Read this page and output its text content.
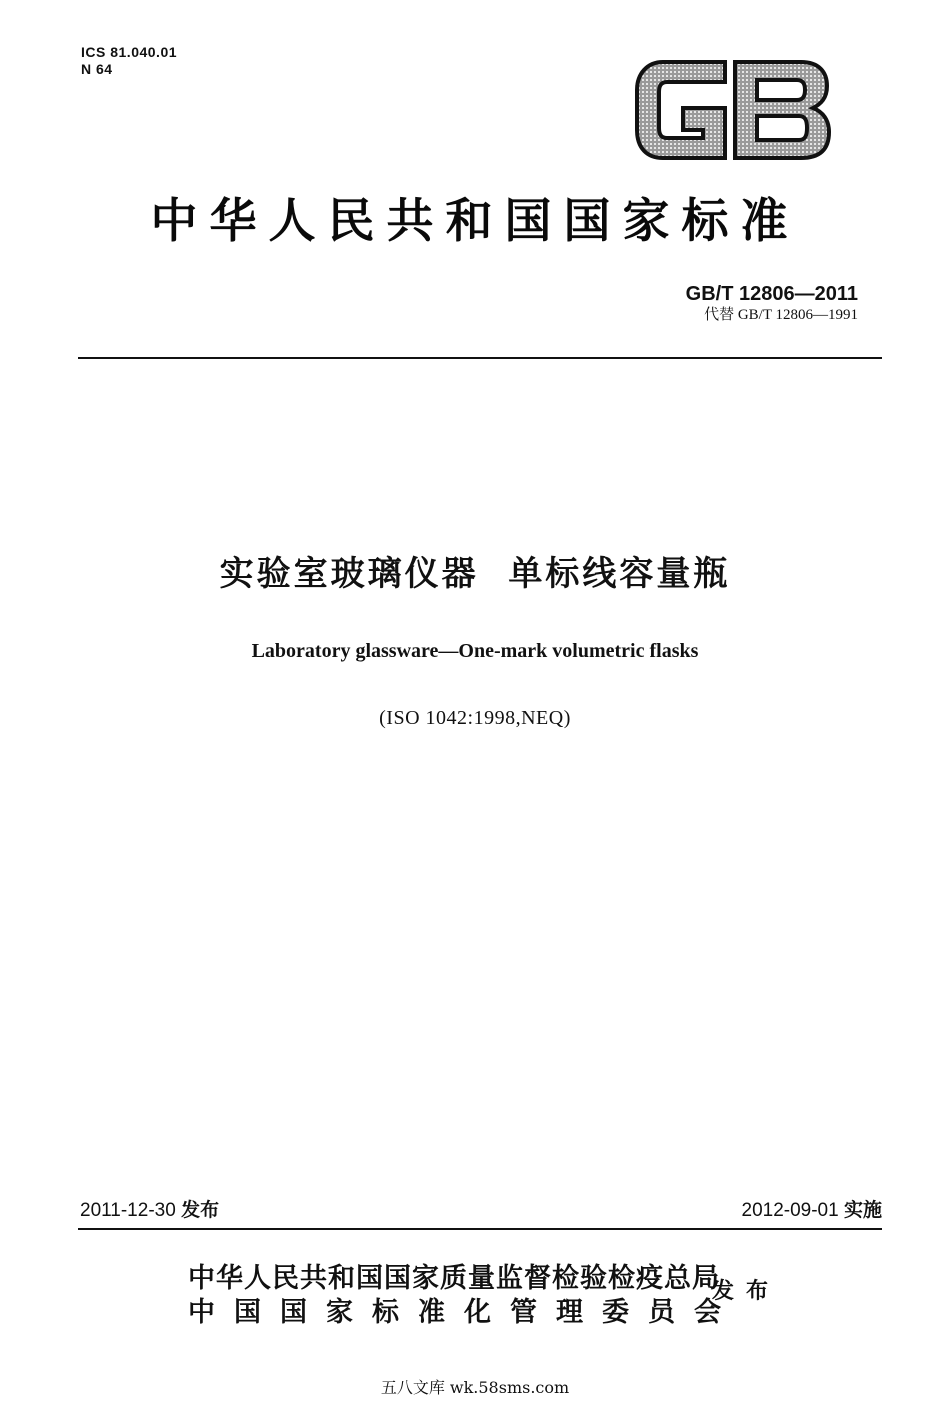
ICS 81.040.01
N 64
中华人民共和国国家标准
GB/T 12806—2011
代替 GB/T 12806—1991
实验室玻璃仪器  单标线容量瓶
Laboratory glassware—One-mark volumetric flasks
(ISO 1042:1998,NEQ)
2011-12-30 发布	2012-09-01 实施
中华人民共和国国家质量监督检验检疫总局
中国国家标准化管理委员会
发布
五八文库 wk.58sms.com
